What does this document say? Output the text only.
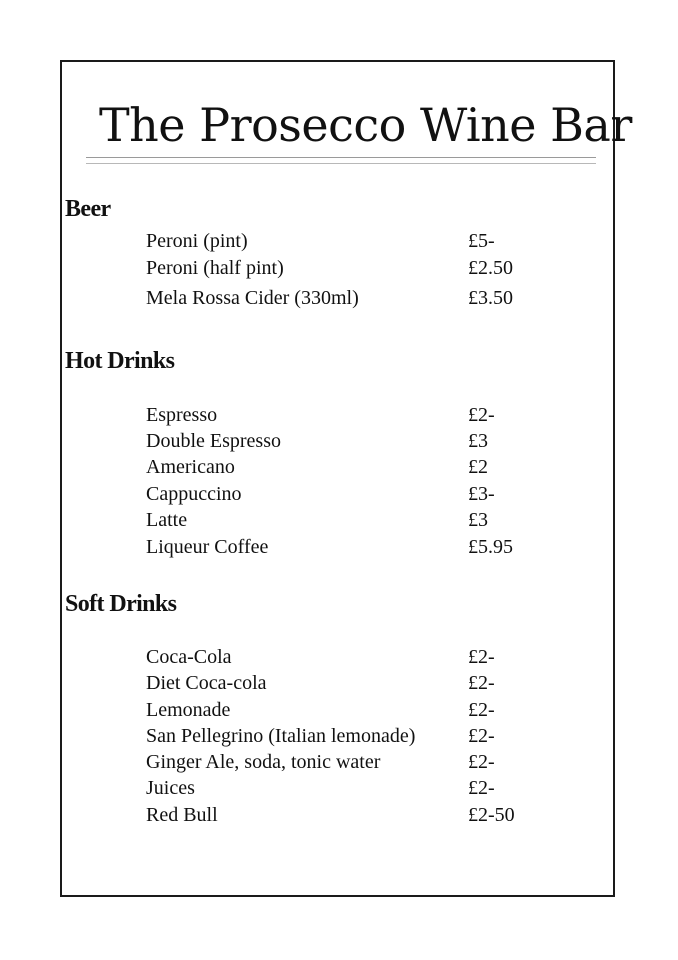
The Prosecco Wine Bar
Beer
Peroni (pint)	£5-
Peroni (half pint)	£2.50
Mela Rossa Cider (330ml)	£3.50
Hot Drinks
Espresso	£2-
Double Espresso	£3
Americano	£2
Cappuccino	£3-
Latte	£3
Liqueur Coffee	£5.95
Soft Drinks
Coca-Cola	£2-
Diet Coca-cola	£2-
Lemonade	£2-
San Pellegrino (Italian lemonade)	£2-
Ginger Ale, soda, tonic water	£2-
Juices	£2-
Red Bull	£2-50
